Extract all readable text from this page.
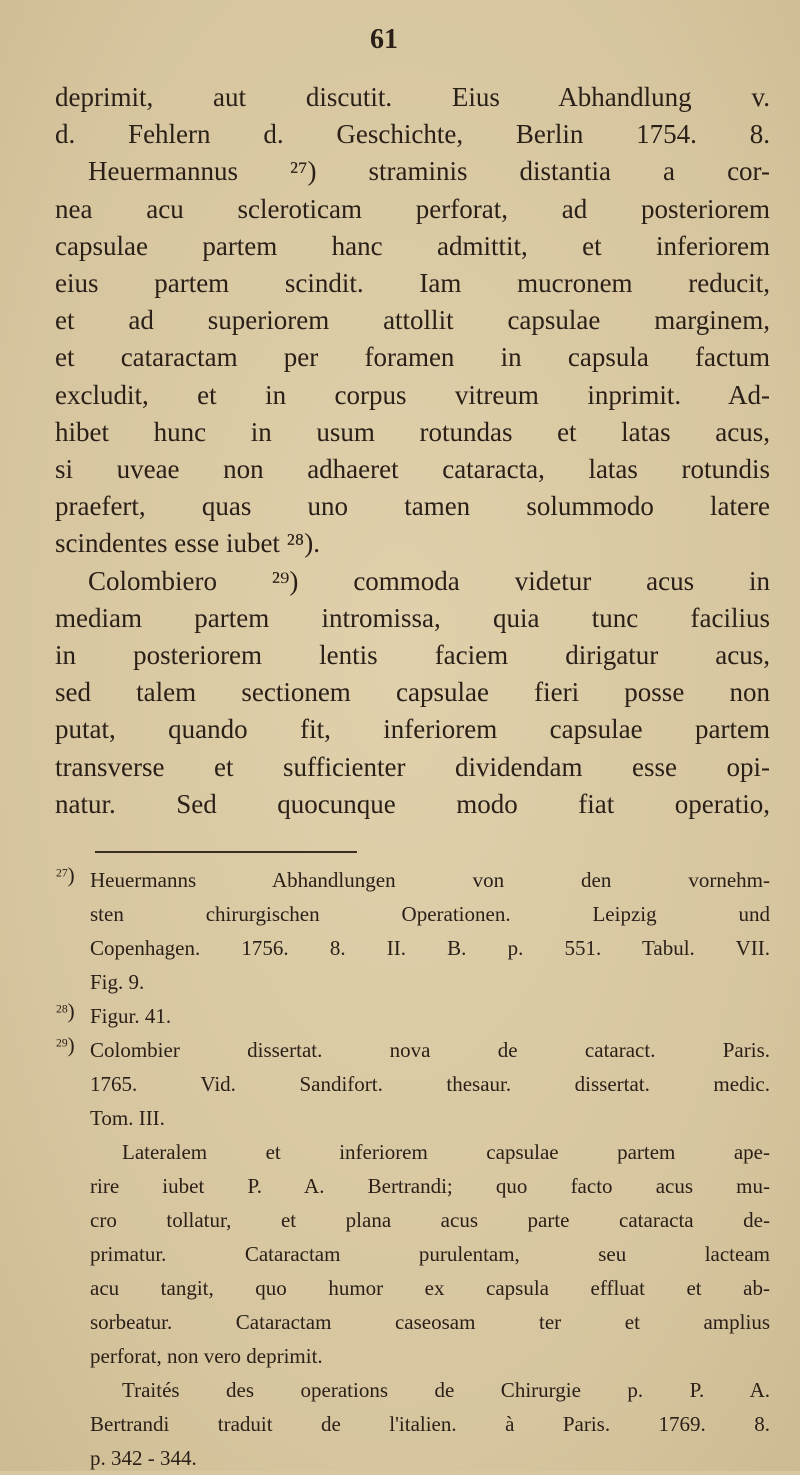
61
deprimit, aut discutit. Eius Abhandlung v.
d. Fehlern d. Geschichte, Berlin 1754. 8.
Heuermannus ²⁷) straminis distantia a cor-
nea acu scleroticam perforat, ad posteriorem
capsulae partem hanc admittit, et inferiorem
eius partem scindit. Iam mucronem reducit,
et ad superiorem attollit capsulae marginem,
et cataractam per foramen in capsula factum
excludit, et in corpus vitreum inprimit. Ad-
hibet hunc in usum rotundas et latas acus,
si uveae non adhaeret cataracta, latas rotundis
praefert, quas uno tamen solummodo latere
scindentes esse iubet ²⁸).
Colombiero ²⁹) commoda videtur acus in
mediam partem intromissa, quia tunc facilius
in posteriorem lentis faciem dirigatur acus,
sed talem sectionem capsulae fieri posse non
putat, quando fit, inferiorem capsulae partem
transverse et sufficienter dividendam esse opi-
natur. Sed quocunque modo fiat operatio,
Heuermanns Abhandlungen von den vornehm-
sten chirurgischen Operationen. Leipzig und
Copenhagen. 1756. 8. II. B. p. 551. Tabul. VII.
Fig. 9.
Figur. 41.
Colombier dissertat. nova de cataract. Paris.
1765. Vid. Sandifort. thesaur. dissertat. medic.
Tom. III.
Lateralem et inferiorem capsulae partem ape-
rire iubet P. A. Bertrandi; quo facto acus mu-
cro tollatur, et plana acus parte cataracta de-
primatur. Cataractam purulentam, seu lacteam
acu tangit, quo humor ex capsula effluat et ab-
sorbeatur. Cataractam caseosam ter et amplius
perforat, non vero deprimit.
Traités des operations de Chirurgie p. P. A.
Bertrandi traduit de l'italien. à Paris. 1769. 8.
p. 342 - 344.
$^{27}$)
$^{28}$)
$^{29}$)
